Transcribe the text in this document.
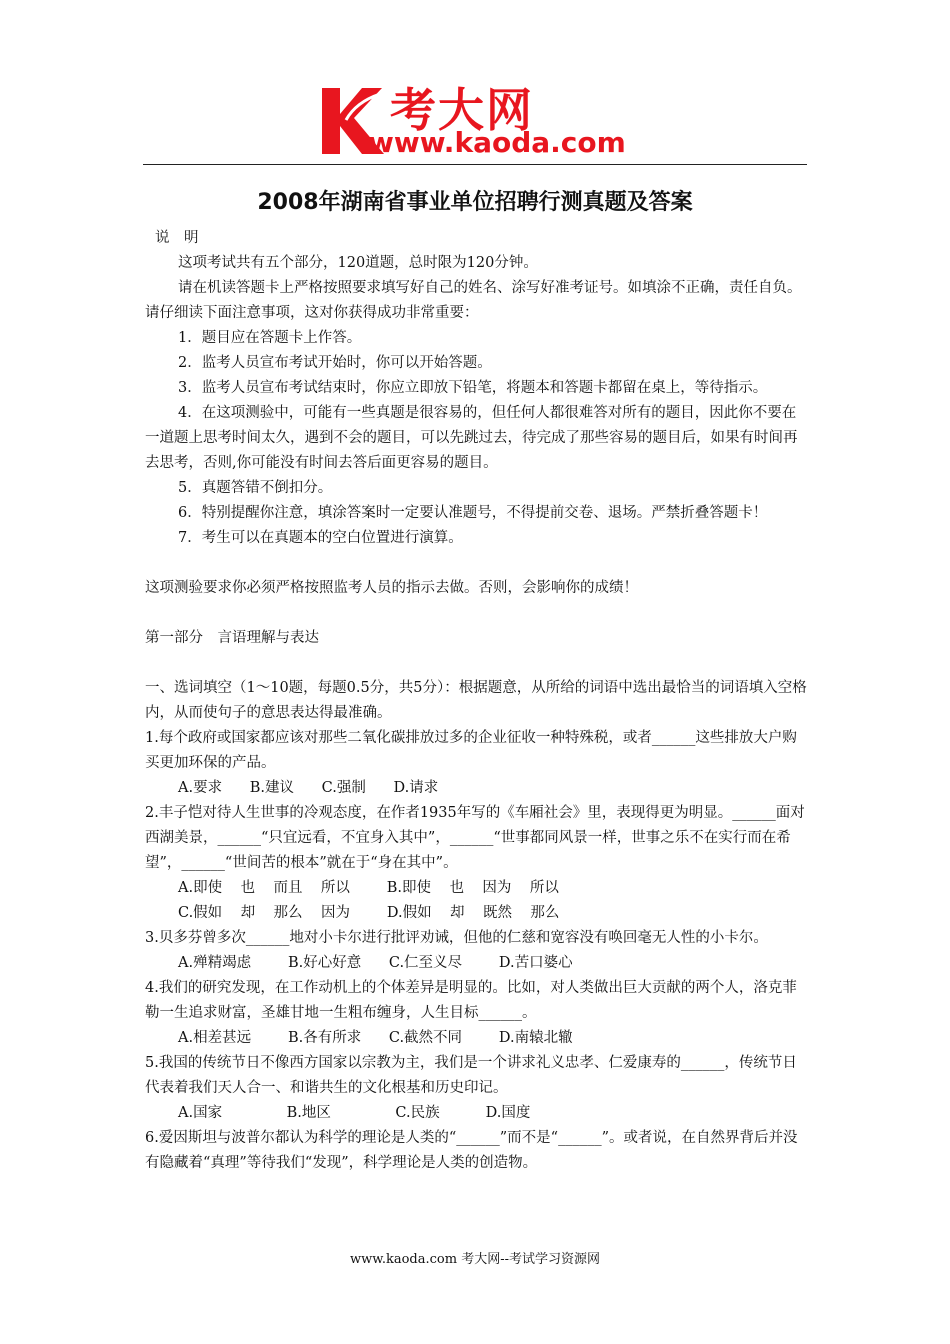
考大网
www.kaoda.com
2008年湖南省事业单位招聘行测真题及答案

说　明

这项考试共有五个部分，120道题，总时限为120分钟。

请在机读答题卡上严格按照要求填写好自己的姓名、涂写好准考证号。如填涂不正确，责任自负。请仔细读下面注意事项，这对你获得成功非常重要：

1．题目应在答题卡上作答。

2．监考人员宣布考试开始时，你可以开始答题。

3．监考人员宣布考试结束时，你应立即放下铅笔，将题本和答题卡都留在桌上，等待指示。

4．在这项测验中，可能有一些真题是很容易的，但任何人都很难答对所有的题目，因此你不要在一道题上思考时间太久，遇到不会的题目，可以先跳过去，待完成了那些容易的题目后，如果有时间再去思考，否则,你可能没有时间去答后面更容易的题目。

5．真题答错不倒扣分。

6．特别提醒你注意，填涂答案时一定要认准题号，不得提前交卷、退场。严禁折叠答题卡！

7．考生可以在真题本的空白位置进行演算。

这项测验要求你必须严格按照监考人员的指示去做。否则，会影响你的成绩！

第一部分　言语理解与表达

一、选词填空（1～10题，每题0.5分，共5分）：根据题意，从所给的词语中选出最恰当的词语填入空格内，从而使句子的意思表达得最准确。

1.每个政府或国家都应该对那些二氧化碳排放过多的企业征收一种特殊税，或者______这些排放大户购买更加环保的产品。

A.要求      B.建议      C.强制      D.请求

2.丰子恺对待人生世事的冷观态度，在作者1935年写的《车厢社会》里，表现得更为明显。______面对西湖美景，______“只宜远看，不宜身入其中”，______“世事都同风景一样，世事之乐不在实行而在希望”，______“世间苦的根本”就在于“身在其中”。

A.即使    也    而且    所以        B.即使    也    因为    所以

C.假如    却    那么    因为        D.假如    却    既然    那么

3.贝多芬曾多次______地对小卡尔进行批评劝诫，但他的仁慈和宽容没有唤回毫无人性的小卡尔。

A.殚精竭虑        B.好心好意      C.仁至义尽        D.苦口婆心

4.我们的研究发现，在工作动机上的个体差异是明显的。比如，对人类做出巨大贡献的两个人，洛克菲勒一生追求财富，圣雄甘地一生粗布缠身，人生目标______。

A.相差甚远        B.各有所求      C.截然不同        D.南辕北辙

5.我国的传统节日不像西方国家以宗教为主，我们是一个讲求礼义忠孝、仁爱康寿的______，传统节日代表着我们天人合一、和谐共生的文化根基和历史印记。

A.国家              B.地区              C.民族          D.国度

6.爱因斯坦与波普尔都认为科学的理论是人类的“______”而不是“______”。或者说，在自然界背后并没有隐藏着“真理”等待我们“发现”，科学理论是人类的创造物。

www.kaoda.com 考大网--考试学习资源网
